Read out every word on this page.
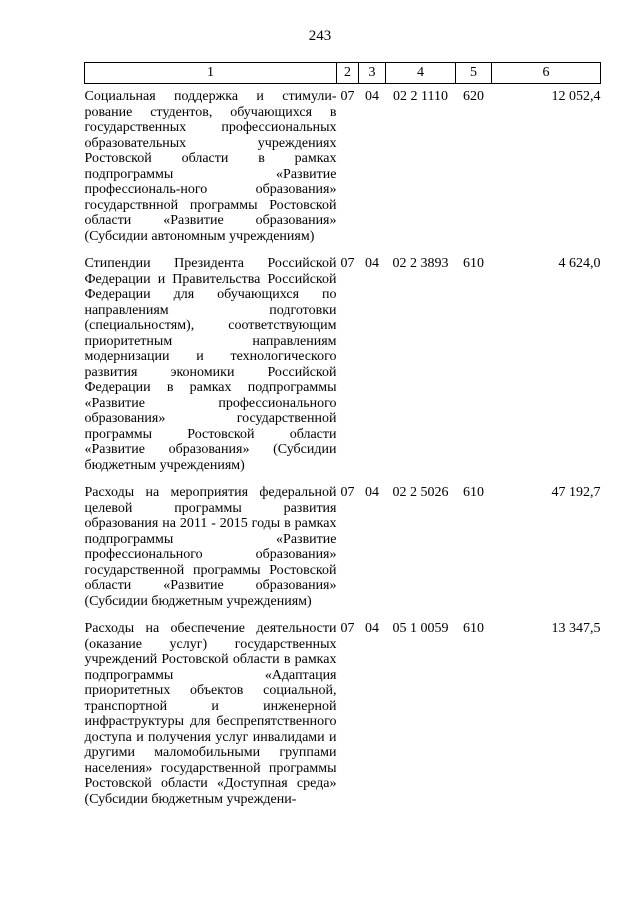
243
1	2	3	4	5	6
Социальная поддержка и стимули-рование студентов, обучающихся в государственных профессиональных образовательных учреждениях Ростовской области в рамках подпрограммы «Развитие профессиональ-ного образования» государствнной программы Ростовской области «Развитие образования» (Субсидии автономным учреждениям)	07	04	02 2 1110	620	12 052,4
Стипендии Президента Российской Федерации и Правительства Российской Федерации для обучающихся по направлениям подготовки (специальностям), соответствующим приоритетным направлениям модернизации и технологического развития экономики Российской Федерации в рамках подпрограммы «Развитие профессионального образования» государственной программы Ростовской области «Развитие образования» (Субсидии бюджетным учреждениям)	07	04	02 2 3893	610	4 624,0
Расходы на мероприятия федеральной целевой программы развития образования на 2011 - 2015 годы в рамках подпрограммы «Развитие профессионального образования» государственной программы Ростовской области «Развитие образования» (Субсидии бюджетным учреждениям)	07	04	02 2 5026	610	47 192,7
Расходы на обеспечение деятельности (оказание услуг) государственных учреждений Ростовской области в рамках подпрограммы «Адаптация приоритетных объектов социальной, транспортной и инженерной инфраструктуры для беспрепятственного доступа и получения услуг инвалидами и другими маломобильными группами населения» государственной программы Ростовской области «Доступная среда» (Субсидии бюджетным учреждени-	07	04	05 1 0059	610	13 347,5
